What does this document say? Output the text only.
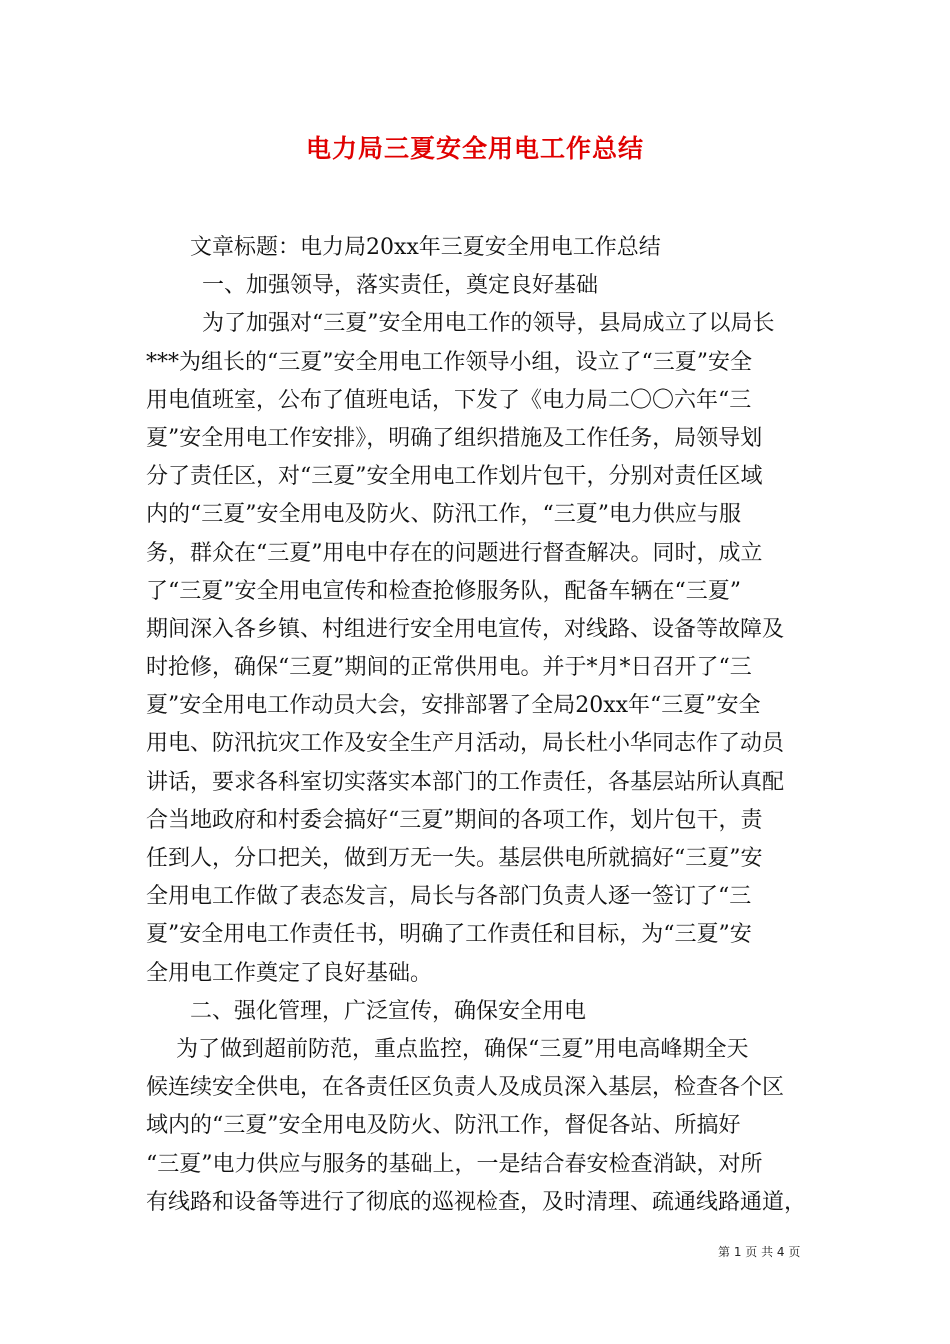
电力局三夏安全用电工作总结
文章标题：电力局20xx年三夏安全用电工作总结
一、加强领导，落实责任，奠定良好基础
为了加强对“三夏”安全用电工作的领导，县局成立了以局长
***为组长的“三夏”安全用电工作领导小组，设立了“三夏”安全
用电值班室，公布了值班电话，下发了《电力局二〇〇六年“三
夏”安全用电工作安排》，明确了组织措施及工作任务，局领导划
分了责任区，对“三夏”安全用电工作划片包干，分别对责任区域
内的“三夏”安全用电及防火、防汛工作，“三夏”电力供应与服
务，群众在“三夏”用电中存在的问题进行督查解决。同时，成立
了“三夏”安全用电宣传和检查抢修服务队，配备车辆在“三夏”
期间深入各乡镇、村组进行安全用电宣传，对线路、设备等故障及
时抢修，确保“三夏”期间的正常供用电。并于*月*日召开了“三
夏”安全用电工作动员大会，安排部署了全局20xx年“三夏”安全
用电、防汛抗灾工作及安全生产月活动，局长杜小华同志作了动员
讲话，要求各科室切实落实本部门的工作责任，各基层站所认真配
合当地政府和村委会搞好“三夏”期间的各项工作，划片包干，责
任到人，分口把关，做到万无一失。基层供电所就搞好“三夏”安
全用电工作做了表态发言，局长与各部门负责人逐一签订了“三
夏”安全用电工作责任书，明确了工作责任和目标，为“三夏”安
全用电工作奠定了良好基础。
二、强化管理，广泛宣传，确保安全用电
为了做到超前防范，重点监控，确保“三夏”用电高峰期全天
候连续安全供电，在各责任区负责人及成员深入基层，检查各个区
域内的“三夏”安全用电及防火、防汛工作，督促各站、所搞好
“三夏”电力供应与服务的基础上，一是结合春安检查消缺，对所
有线路和设备等进行了彻底的巡视检查，及时清理、疏通线路通道，
第 1 页 共 4 页
